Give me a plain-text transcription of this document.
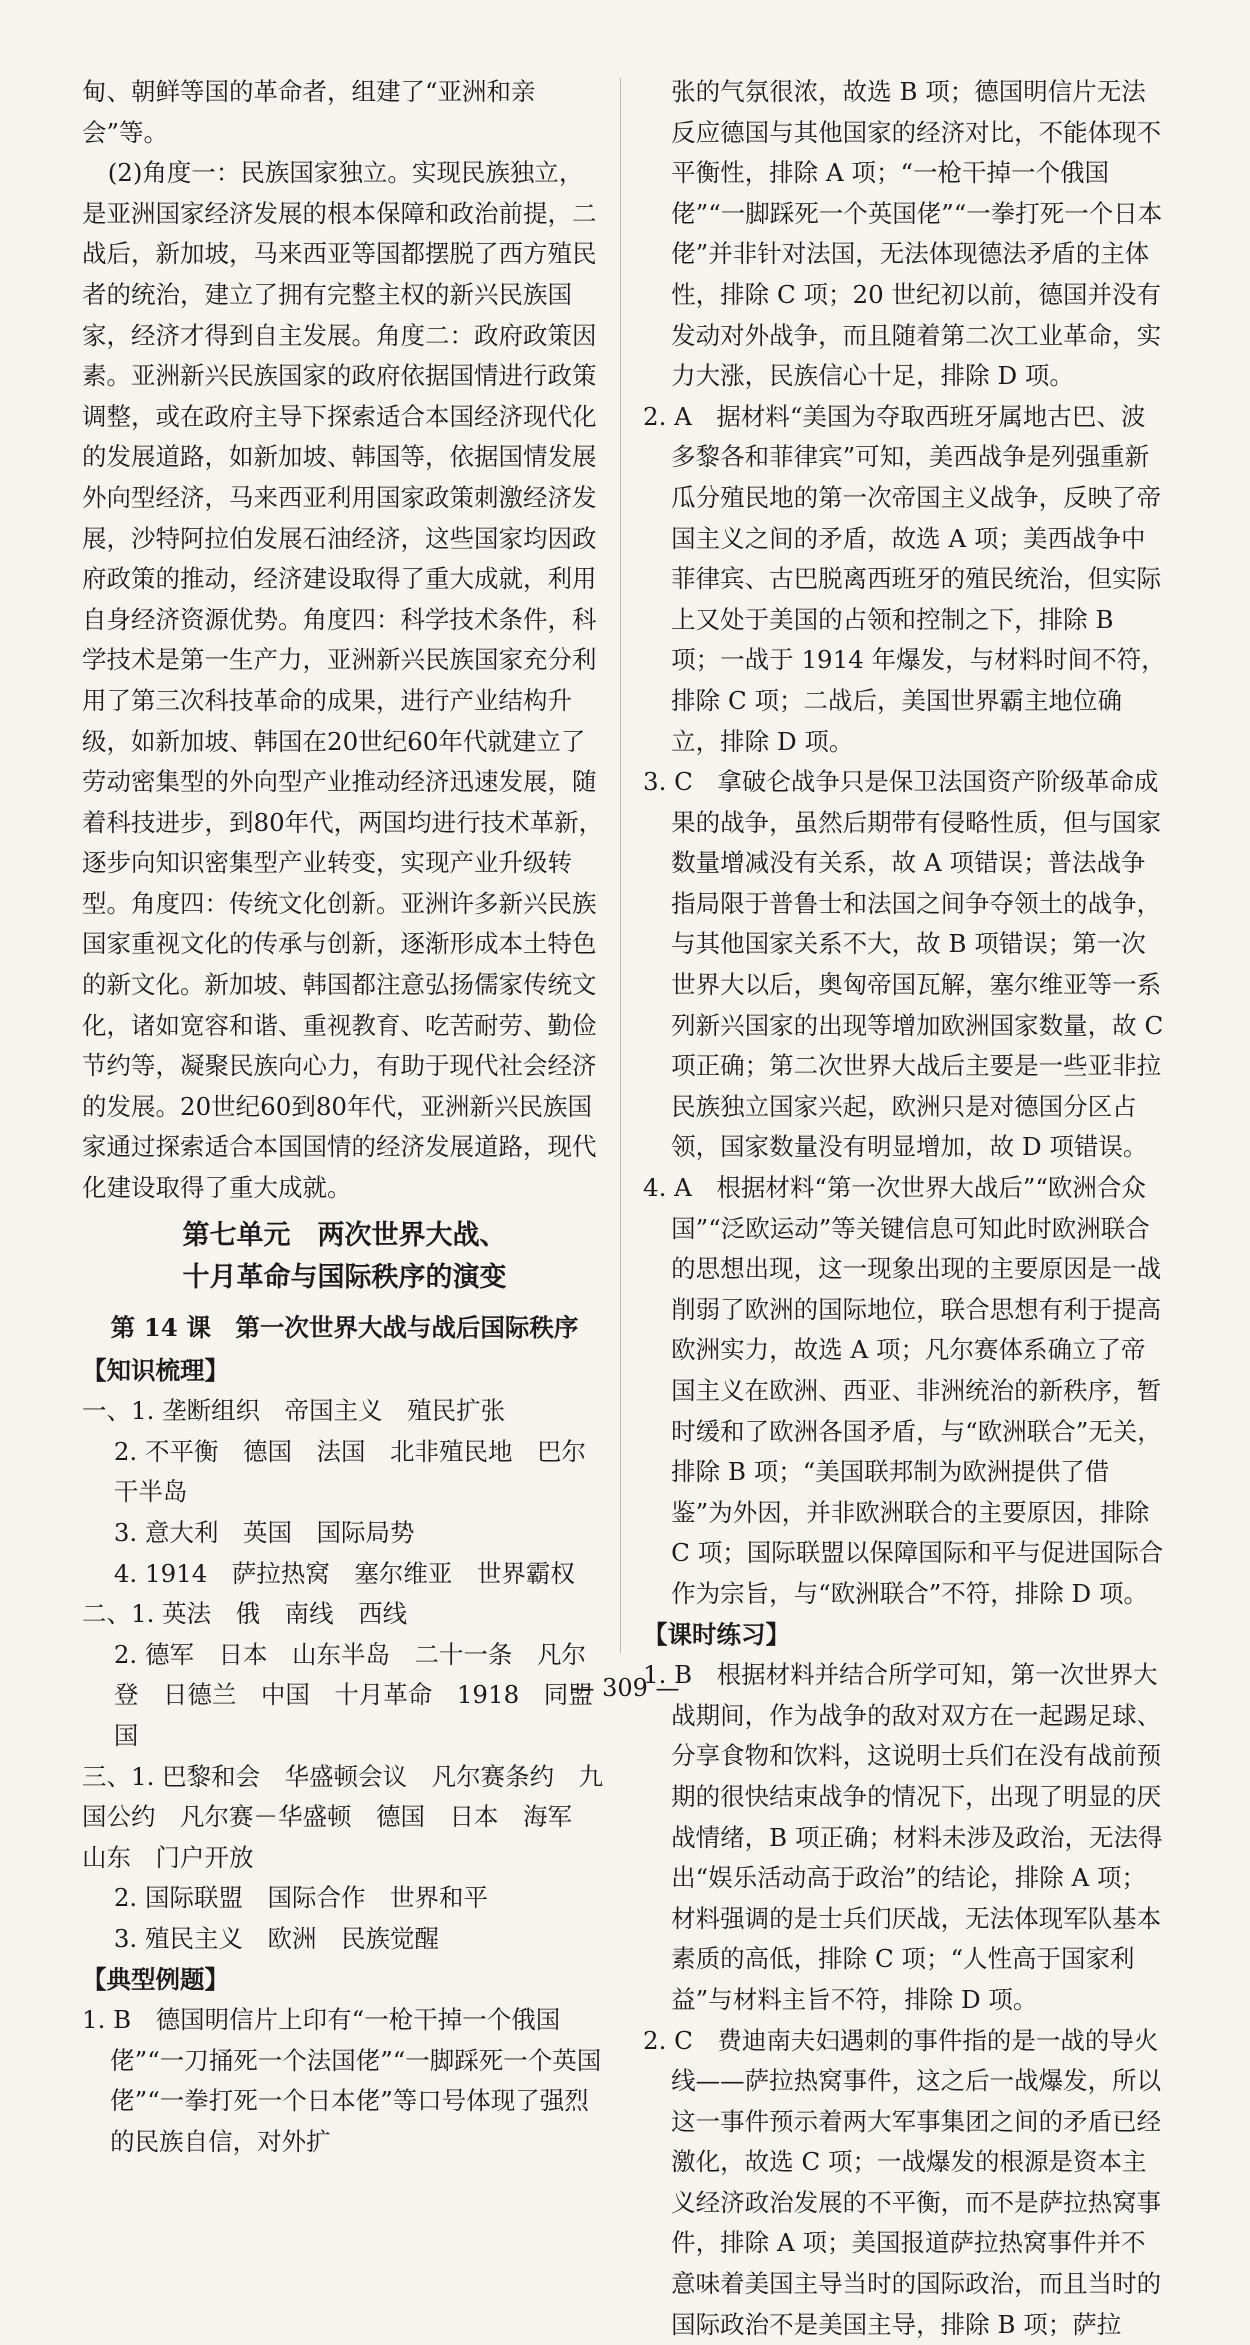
甸、朝鲜等国的革命者，组建了“亚洲和亲会”等。

(2)角度一：民族国家独立。实现民族独立，是亚洲国家经济发展的根本保障和政治前提，二战后，新加坡，马来西亚等国都摆脱了西方殖民者的统治，建立了拥有完整主权的新兴民族国家，经济才得到自主发展。角度二：政府政策因素。亚洲新兴民族国家的政府依据国情进行政策调整，或在政府主导下探索适合本国经济现代化的发展道路，如新加坡、韩国等，依据国情发展外向型经济，马来西亚利用国家政策刺激经济发展，沙特阿拉伯发展石油经济，这些国家均因政府政策的推动，经济建设取得了重大成就，利用自身经济资源优势。角度四：科学技术条件，科学技术是第一生产力，亚洲新兴民族国家充分利用了第三次科技革命的成果，进行产业结构升级，如新加坡、韩国在20世纪60年代就建立了劳动密集型的外向型产业推动经济迅速发展，随着科技进步，到80年代，两国均进行技术革新，逐步向知识密集型产业转变，实现产业升级转型。角度四：传统文化创新。亚洲许多新兴民族国家重视文化的传承与创新，逐渐形成本土特色的新文化。新加坡、韩国都注意弘扬儒家传统文化，诸如宽容和谐、重视教育、吃苦耐劳、勤俭节约等，凝聚民族向心力，有助于现代社会经济的发展。20世纪60到80年代，亚洲新兴民族国家通过探索适合本国国情的经济发展道路，现代化建设取得了重大成就。

第七单元　两次世界大战、
十月革命与国际秩序的演变
第 14 课　第一次世界大战与战后国际秩序

【知识梳理】

一、1. 垄断组织　帝国主义　殖民扩张

2. 不平衡　德国　法国　北非殖民地　巴尔干半岛

3. 意大利　英国　国际局势

4. 1914　萨拉热窝　塞尔维亚　世界霸权

二、1. 英法　俄　南线　西线

2. 德军　日本　山东半岛　二十一条　凡尔登　日德兰　中国　十月革命　1918　同盟国

三、1. 巴黎和会　华盛顿会议　凡尔赛条约　九国公约　凡尔赛－华盛顿　德国　日本　海军　山东　门户开放

2. 国际联盟　国际合作　世界和平

3. 殖民主义　欧洲　民族觉醒

【典型例题】

1. B　德国明信片上印有“一枪干掉一个俄国佬”“一刀捅死一个法国佬”“一脚踩死一个英国佬”“一拳打死一个日本佬”等口号体现了强烈的民族自信，对外扩

张的气氛很浓，故选 B 项；德国明信片无法反应德国与其他国家的经济对比，不能体现不平衡性，排除 A 项；“一枪干掉一个俄国佬”“一脚踩死一个英国佬”“一拳打死一个日本佬”并非针对法国，无法体现德法矛盾的主体性，排除 C 项；20 世纪初以前，德国并没有发动对外战争，而且随着第二次工业革命，实力大涨，民族信心十足，排除 D 项。

2. A　据材料“美国为夺取西班牙属地古巴、波多黎各和菲律宾”可知，美西战争是列强重新瓜分殖民地的第一次帝国主义战争，反映了帝国主义之间的矛盾，故选 A 项；美西战争中菲律宾、古巴脱离西班牙的殖民统治，但实际上又处于美国的占领和控制之下，排除 B 项；一战于 1914 年爆发，与材料时间不符，排除 C 项；二战后，美国世界霸主地位确立，排除 D 项。

3. C　拿破仑战争只是保卫法国资产阶级革命成果的战争，虽然后期带有侵略性质，但与国家数量增减没有关系，故 A 项错误；普法战争指局限于普鲁士和法国之间争夺领土的战争，与其他国家关系不大，故 B 项错误；第一次世界大以后，奥匈帝国瓦解，塞尔维亚等一系列新兴国家的出现等增加欧洲国家数量，故 C 项正确；第二次世界大战后主要是一些亚非拉民族独立国家兴起，欧洲只是对德国分区占领，国家数量没有明显增加，故 D 项错误。

4. A　根据材料“第一次世界大战后”“欧洲合众国”“泛欧运动”等关键信息可知此时欧洲联合的思想出现，这一现象出现的主要原因是一战削弱了欧洲的国际地位，联合思想有利于提高欧洲实力，故选 A 项；凡尔赛体系确立了帝国主义在欧洲、西亚、非洲统治的新秩序，暂时缓和了欧洲各国矛盾，与“欧洲联合”无关，排除 B 项；“美国联邦制为欧洲提供了借鉴”为外因，并非欧洲联合的主要原因，排除 C 项；国际联盟以保障国际和平与促进国际合作为宗旨，与“欧洲联合”不符，排除 D 项。

【课时练习】

1. B　根据材料并结合所学可知，第一次世界大战期间，作为战争的敌对双方在一起踢足球、分享食物和饮料，这说明士兵们在没有战前预期的很快结束战争的情况下，出现了明显的厌战情绪，B 项正确；材料未涉及政治，无法得出“娱乐活动高于政治”的结论，排除 A 项；材料强调的是士兵们厌战，无法体现军队基本素质的高低，排除 C 项；“人性高于国家利益”与材料主旨不符，排除 D 项。

2. C　费迪南夫妇遇刺的事件指的是一战的导火线——萨拉热窝事件，这之后一战爆发，所以这一事件预示着两大军事集团之间的矛盾已经激化，故选 C 项；一战爆发的根源是资本主义经济政治发展的不平衡，而不是萨拉热窝事件，排除 A 项；美国报道萨拉热窝事件并不意味着美国主导当时的国际政治，而且当时的国际政治不是美国主导，排除 B 项；萨拉

— 309 —
